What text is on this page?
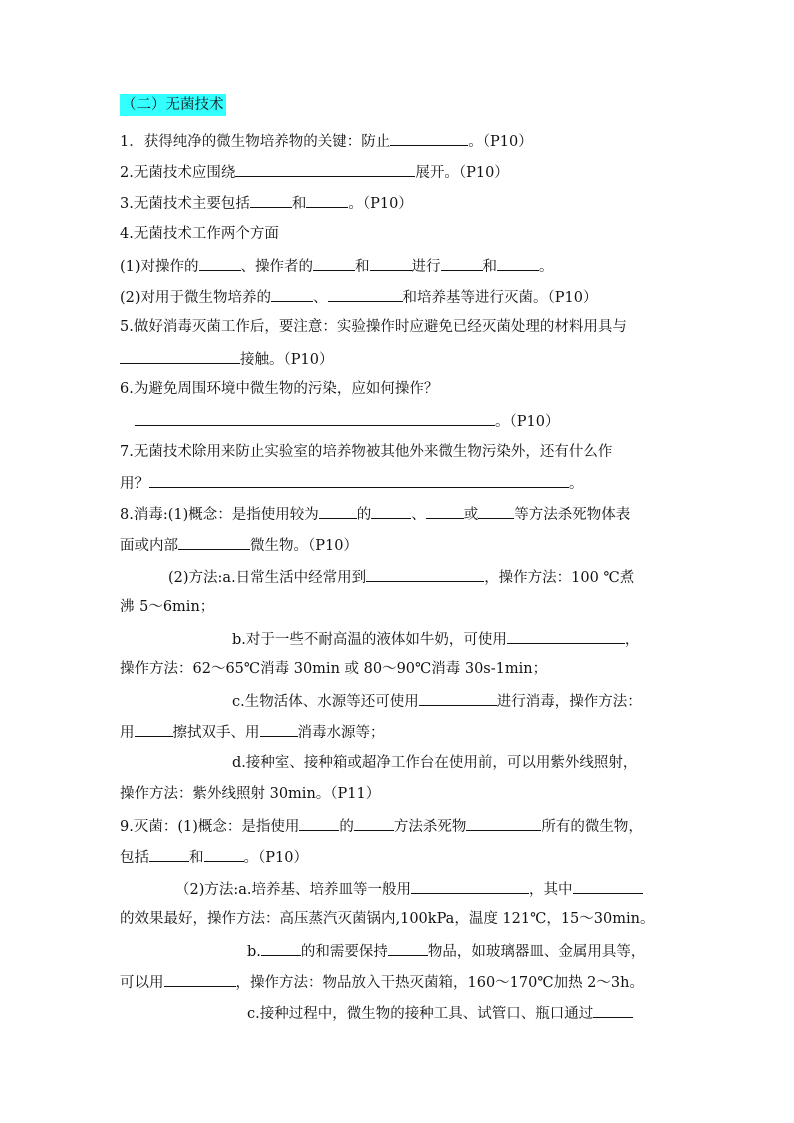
（二）无菌技术
1．获得纯净的微生物培养物的关键：防止	。（P10）
2.无菌技术应围绕	展开。（P10）
3.无菌技术主要包括	和	。（P10）
4.无菌技术工作两个方面
(1)对操作的	、操作者的	和	进行	和	。
(2)对用于微生物培养的	、	和培养基等进行灭菌。（P10）
5.做好消毒灭菌工作后，要注意：实验操作时应避免已经灭菌处理的材料用具与
接触。（P10）
6.为避免周围环境中微生物的污染，应如何操作？
。（P10）
7.无菌技术除用来防止实验室的培养物被其他外来微生物污染外，还有什么作
用？	。
8.消毒:(1)概念：是指使用较为	的	、	或 等方法杀死物体表
面或内部	微生物。（P10）
(2)方法:a.日常生活中经常用到	，操作方法：100 ℃煮
沸 5～6min；
b.对于一些不耐高温的液体如牛奶，可使用	，
操作方法：62～65℃消毒 30min 或 80～90℃消毒 30s-1min；
c.生物活体、水源等还可使用	进行消毒，操作方法：
用	擦拭双手、用	消毒水源等；
d.接种室、接种箱或超净工作台在使用前，可以用紫外线照射，
操作方法：紫外线照射 30min。（P11）
9.灭菌：(1)概念：是指使用	的	方法杀死物	所有的微生物，
包括	和	。（P10）
（2)方法:a.培养基、培养皿等一般用	，其中
的效果最好，操作方法：高压蒸汽灭菌锅内,100kPa，温度 121℃，15～30min。
b.	的和需要保持	物品，如玻璃器皿、金属用具等，
可以用	，操作方法：物品放入干热灭菌箱，160～170℃加热 2～3h。
c.接种过程中，微生物的接种工具、试管口、瓶口通过
